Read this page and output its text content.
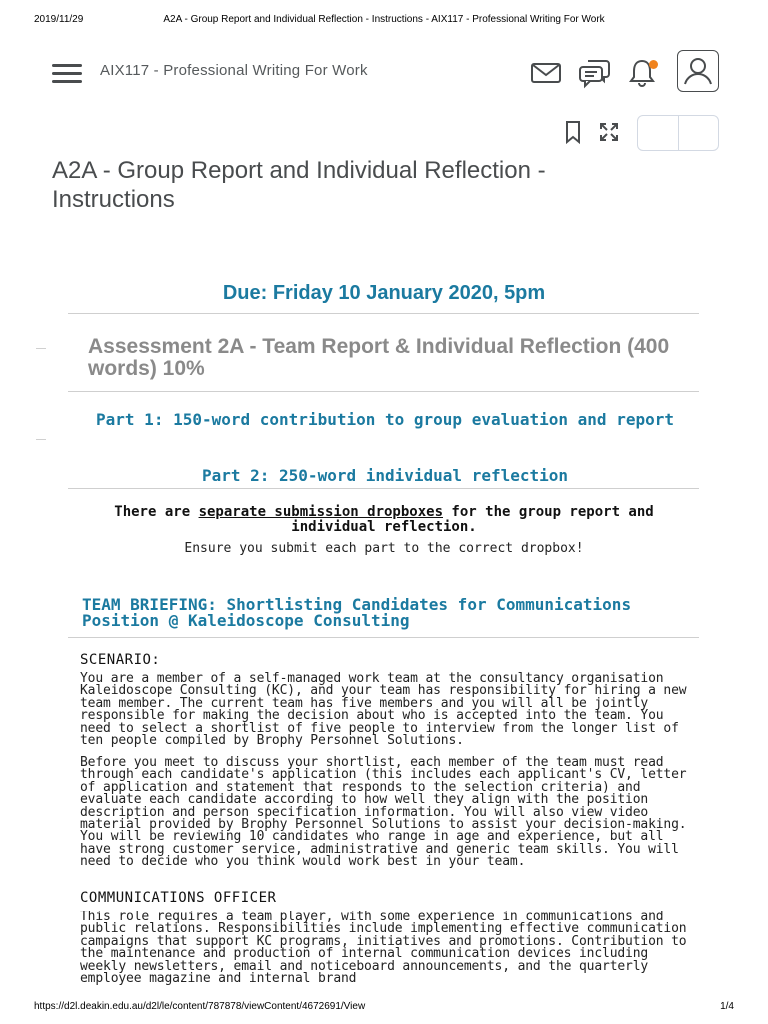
2019/11/29	A2A - Group Report and Individual Reflection - Instructions - AIX117 - Professional Writing For Work
AIX117 - Professional Writing For Work
A2A - Group Report and Individual Reflection - Instructions
Due: Friday 10 January 2020, 5pm
Assessment 2A - Team Report & Individual Reflection (400 words) 10%
Part 1: 150-word contribution to group evaluation and report
Part 2: 250-word individual reflection
There are separate submission dropboxes for the group report and individual reflection.
Ensure you submit each part to the correct dropbox!
TEAM BRIEFING: Shortlisting Candidates for Communications Position @ Kaleidoscope Consulting
SCENARIO:

You are a member of a self-managed work team at the consultancy organisation Kaleidoscope Consulting (KC), and your team has responsibility for hiring a new team member. The current team has five members and you will all be jointly responsible for making the decision about who is accepted into the team. You need to select a shortlist of five people to interview from the longer list of ten people compiled by Brophy Personnel Solutions.

Before you meet to discuss your shortlist, each member of the team must read through each candidate's application (this includes each applicant's CV, letter of application and statement that responds to the selection criteria) and evaluate each candidate according to how well they align with the position description and person specification information. You will also view video material provided by Brophy Personnel Solutions to assist your decision-making. You will be reviewing 10 candidates who range in age and experience, but all have strong customer service, administrative and generic team skills. You will need to decide who you think would work best in your team.

COMMUNICATIONS OFFICER

This role requires a team player, with some experience in communications and public relations. Responsibilities include implementing effective communication campaigns that support KC programs, initiatives and promotions. Contribution to the maintenance and production of internal communication devices including weekly newsletters, email and noticeboard announcements, and the quarterly employee magazine and internal brand

https://d2l.deakin.edu.au/d2l/le/content/787878/viewContent/4672691/View	1/4
